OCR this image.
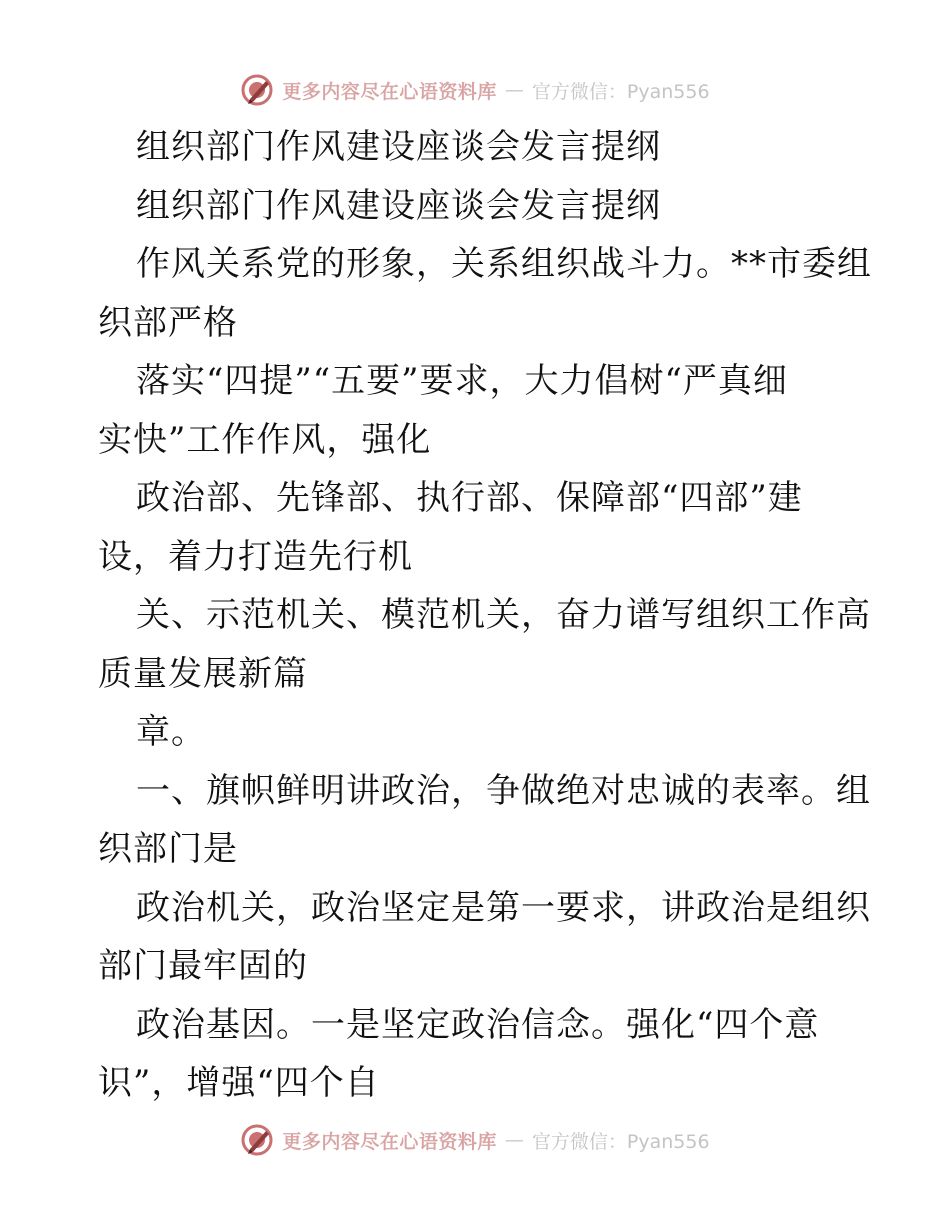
更多内容尽在心语资料库 — 官方微信：Pyan556
组织部门作风建设座谈会发言提纲
组织部门作风建设座谈会发言提纲
作风关系党的形象，关系组织战斗力。**市委组
织部严格
落实“四提”“五要”要求，大力倡树“严真细
实快”工作作风，强化
政治部、先锋部、执行部、保障部“四部”建
设，着力打造先行机
关、示范机关、模范机关，奋力谱写组织工作高
质量发展新篇
章。
一、旗帜鲜明讲政治，争做绝对忠诚的表率。组
织部门是
政治机关，政治坚定是第一要求，讲政治是组织
部门最牢固的
政治基因。一是坚定政治信念。强化“四个意
识”，增强“四个自
更多内容尽在心语资料库 — 官方微信：Pyan556
